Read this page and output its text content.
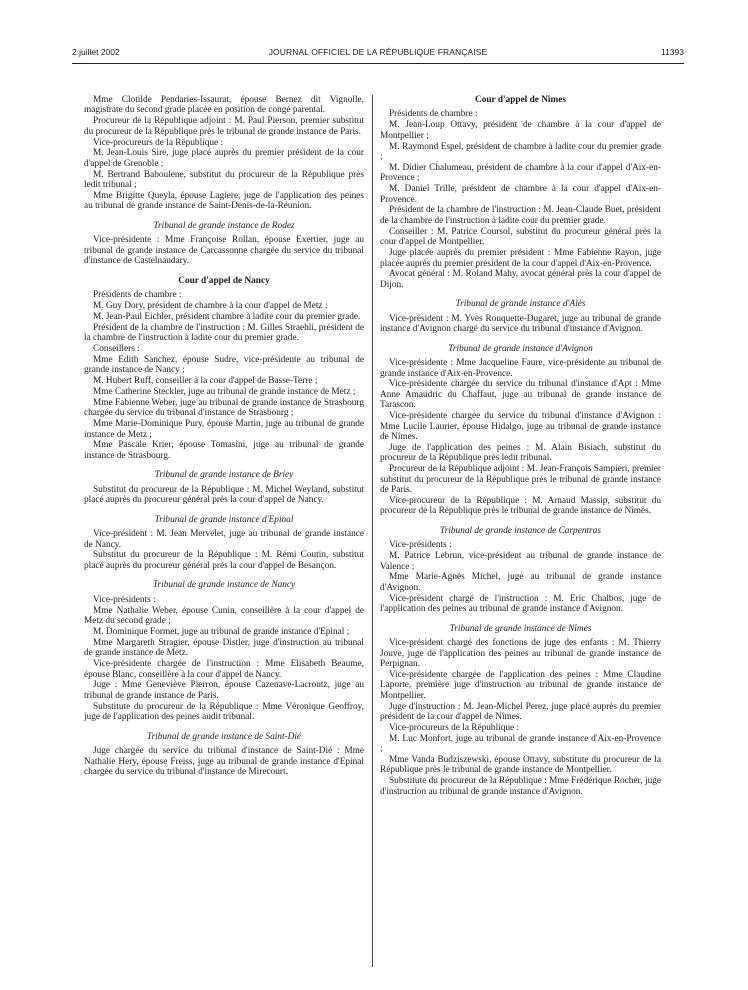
2 juillet 2002	JOURNAL OFFICIEL DE LA RÉPUBLIQUE FRANÇAISE	11393
Mme Clotilde Pendaries-Issaurat, épouse Bernez dit Vignolle, magistrate du second grade placée en position de congé parental.
Procureur de la République adjoint : M. Paul Pierson, premier substitut du procureur de la République près le tribunal de grande instance de Paris.
Vice-procureurs de la République :
M. Jean-Louis Sire, juge placé auprès du premier président de la cour d'appel de Grenoble ;
M. Bertrand Baboulene, substitut du procureur de la République près ledit tribunal ;
Mme Brigitte Queyla, épouse Lagiere, juge de l'application des peines au tribunal de grande instance de Saint-Denis-de-la-Réunion.
Tribunal de grande instance de Rodez
Vice-présidente : Mme Françoise Rollan, épouse Exertier, juge au tribunal de grande instance de Carcassonne chargée du service du tribunal d'instance de Castelnaudary.
Cour d'appel de Nancy
Présidents de chambre :
M. Guy Dory, président de chambre à la cour d'appel de Metz ;
M. Jean-Paul Eichler, président chambre à ladite cour du premier grade.
Président de la chambre de l'instruction : M. Gilles Straehli, président de la chambre de l'instruction à ladite cour du premier grade.
Conseillers :
Mme Edith Sanchez, épouse Sudre, vice-présidente au tribunal de grande instance de Nancy ;
M. Hubert Ruff, conseiller à la cour d'appel de Basse-Terre ;
Mme Catherine Steckler, juge au tribunal de grande instance de Metz ;
Mme Fabienne Weber, juge au tribunal de grande instance de Strasbourg chargée du service du tribunal d'instance de Strasbourg ;
Mme Marie-Dominique Pury, épouse Martin, juge au tribunal de grande instance de Metz ;
Mme Pascale Krier, épouse Tomasini, juge au tribunal de grande instance de Strasbourg.
Tribunal de grande instance de Briey
Substitut du procureur de la République : M. Michel Weyland, substitut placé auprès du procureur général près la cour d'appel de Nancy.
Tribunal de grande instance d'Epinal
Vice-président : M. Jean Mervelet, juge au tribunal de grande instance de Nancy.
Substitut du procureur de la République : M. Rémi Coutin, substitut placé auprès du procureur général près la cour d'appel de Besançon.
Tribunal de grande instance de Nancy
Vice-présidents :
Mme Nathalie Weber, épouse Cunin, conseillère à la cour d'appel de Metz du second grade ;
M. Dominique Formet, juge au tribunal de grande instance d'Epinal ;
Mme Margareth Stragier, épouse Distler, juge d'instruction au tribunal de grande instance de Metz.
Vice-présidente chargée de l'instruction : Mme Elisabeth Beaume, épouse Blanc, conseillère à la cour d'appel de Nancy.
Juge : Mme Geneviève Pierron, épouse Cazenave-Lacroutz, juge au tribunal de grande instance de Paris.
Substitute du procureur de la République : Mme Véronique Geoffroy, juge de l'application des peines audit tribunal.
Tribunal de grande instance de Saint-Dié
Juge chargée du service du tribunal d'instance de Saint-Dié : Mme Nathalie Hery, épouse Freiss, juge au tribunal de grande instance d'Epinal chargée du service du tribunal d'instance de Mirecourt.
Cour d'appel de Nîmes
Présidents de chambre :
M. Jean-Loup Ottavy, président de chambre à la cour d'appel de Montpellier ;
M. Raymond Espel, président de chambre à ladite cour du premier grade ;
M. Didier Chalumeau, président de chambre à la cour d'appel d'Aix-en-Provence ;
M. Daniel Trille, président de chambre à la cour d'appel d'Aix-en-Provence.
Président de la chambre de l'instruction : M. Jean-Claude Buet, président de la chambre de l'instruction à ladite cour du premier grade.
Conseiller : M. Patrice Coursol, substitut du procureur général près la cour d'appel de Montpellier.
Juge placée auprès du premier président : Mme Fabienne Rayon, juge placée auprès du premier président de la cour d'appel d'Aix-en-Provence.
Avocat général : M. Roland Mahy, avocat général près la cour d'appel de Dijon.
Tribunal de grande instance d'Alès
Vice-président : M. Yves Rouquette-Dugaret, juge au tribunal de grande instance d'Avignon chargé du service du tribunal d'instance d'Avignon.
Tribunal de grande instance d'Avignon
Vice-présidente : Mme Jacqueline Faure, vice-présidente au tribunal de grande instance d'Aix-en-Provence.
Vice-présidente chargée du service du tribunal d'instance d'Apt : Mme Anne Amaudric du Chaffaut, juge au tribunal de grande instance de Tarascon.
Vice-présidente chargée du service du tribunal d'instance d'Avignon : Mme Lucile Laurier, épouse Hidalgo, juge au tribunal de grande instance de Nîmes.
Juge de l'application des peines : M. Alain Bisiach, substitut du procureur de la République près ledit tribunal.
Procureur de la République adjoint : M. Jean-François Sampieri, premier substitut du procureur de la République près le tribunal de grande instance de Paris.
Vice-procureur de la République : M. Arnaud Massip, substitut du procureur de la République près le tribunal de grande instance de Nîmes.
Tribunal de grande instance de Carpentras
Vice-présidents :
M. Patrice Lebrun, vice-président au tribunal de grande instance de Valence ;
Mme Marie-Agnès Michel, juge au tribunal de grande instance d'Avignon.
Vice-président chargé de l'instruction : M. Eric Chalbos, juge de l'application des peines au tribunal de grande instance d'Avignon.
Tribunal de grande instance de Nîmes
Vice-président chargé des fonctions de juge des enfants : M. Thierry Jouve, juge de l'application des peines au tribunal de grande instance de Perpignan.
Vice-présidente chargée de l'application des peines : Mme Claudine Laporte, première juge d'instruction au tribunal de grande instance de Montpellier.
Juge d'instruction : M. Jean-Michel Perez, juge placé auprès du premier président de la cour d'appel de Nîmes.
Vice-procureurs de la République :
M. Luc Monfort, juge au tribunal de grande instance d'Aix-en-Provence ;
Mme Vanda Budziszewski, épouse Ottavy, substitute du procureur de la République près le tribunal de grande instance de Montpellier.
Substitute du procureur de la République : Mme Frédérique Rocher, juge d'instruction au tribunal de grande instance d'Avignon.
